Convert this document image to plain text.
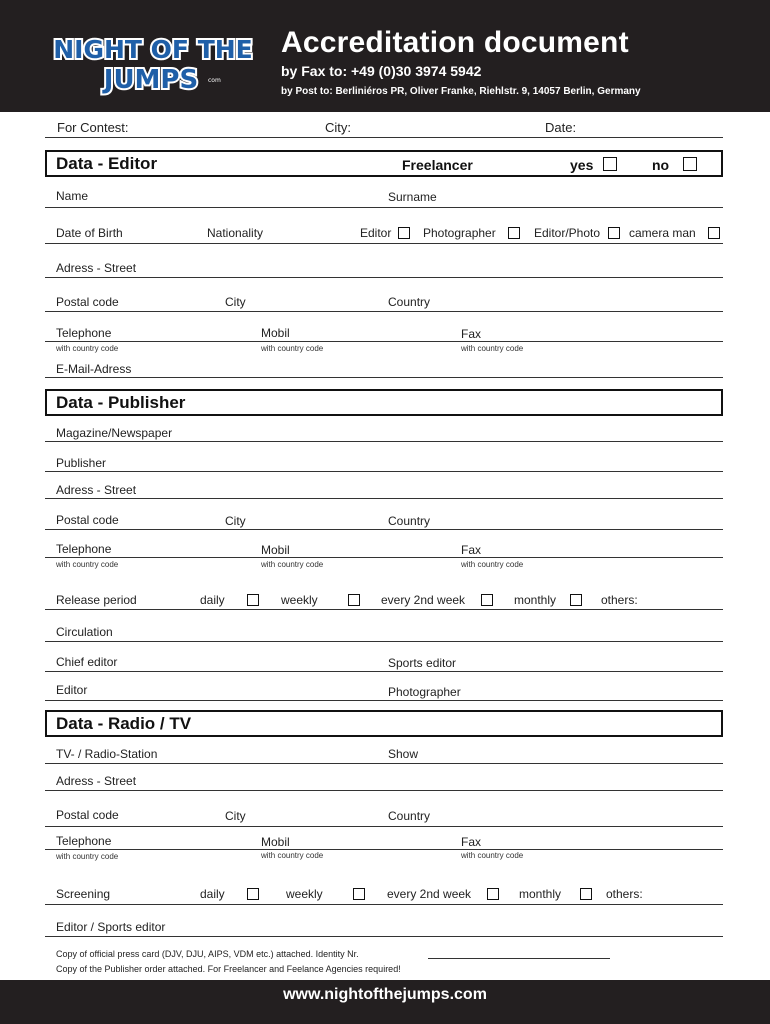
NIGHT OF THE
JUMPS com
Accreditation document
by Fax to: +49 (0)30 3974 5942
by Post to: Berliniéros PR, Oliver Franke, Riehlstr. 9, 14057 Berlin, Germany
For Contest:	City:	Date:
Data - Editor	Freelancer	yes	no
Name	Surname
Date of Birth	Nationality	Editor	Photographer	Editor/Photo camera man
Adress - Street
Postal code	City	Country
Telephone	Mobil	Fax
with country code	with country code	with country code
E-Mail-Adress
Data - Publisher
Magazine/Newspaper
Publisher
Adress - Street
Postal code	City	Country
Telephone	Mobil	Fax
with country code	with country code	with country code
Release period	daily	weekly	every 2nd week	monthly	others:
Circulation
Chief editor	Sports editor
Editor	Photographer
Data - Radio / TV
TV- / Radio-Station	Show
Adress - Street
Postal code	City	Country
Telephone	Mobil	Fax
with country code	with country code	with country code
Screening	daily	weekly	every 2nd week	monthly	others:
Editor / Sports editor
Copy of official press card (DJV, DJU, AIPS, VDM etc.) attached. Identity Nr.
Copy of the Publisher order attached. For Freelancer and Feelance Agencies required!
www.nightofthejumps.com
